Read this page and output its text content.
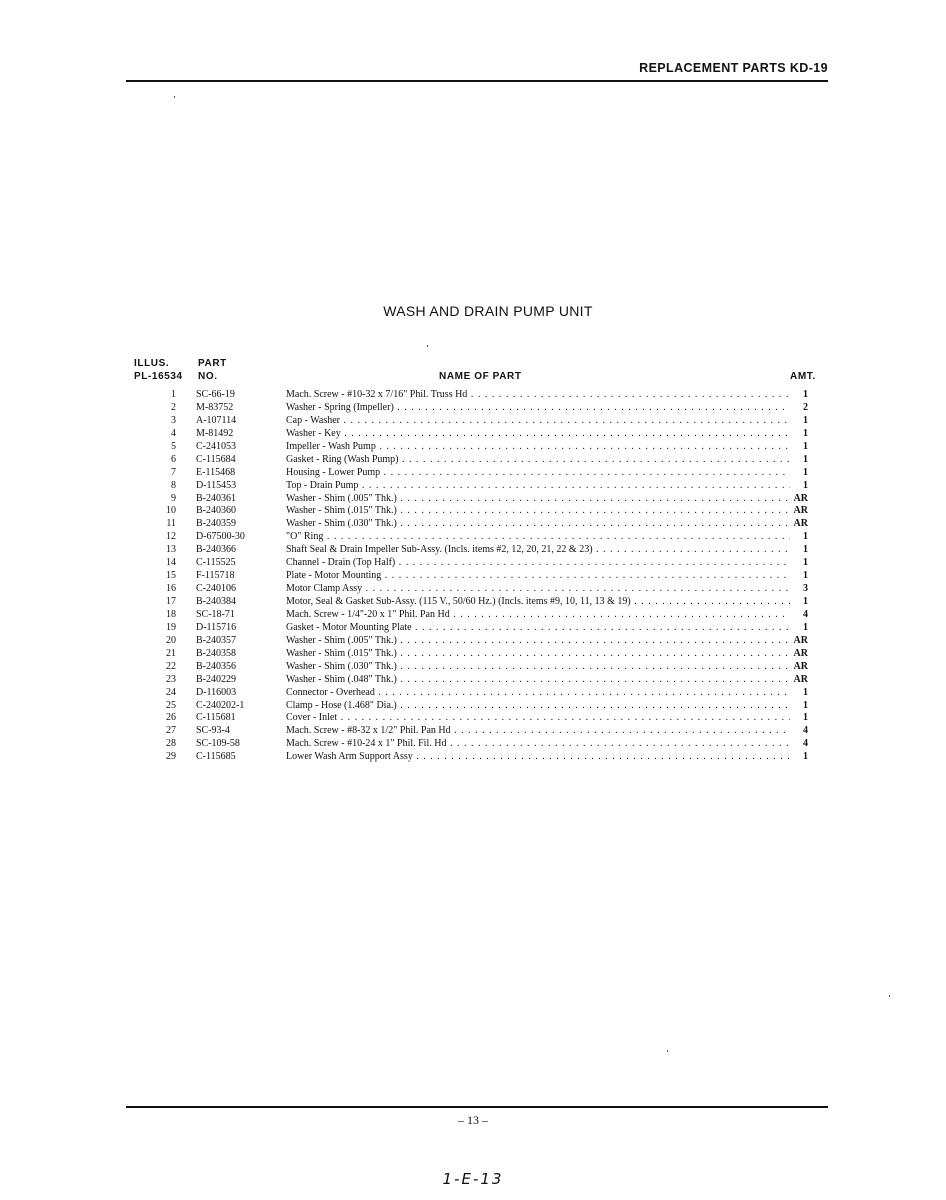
REPLACEMENT PARTS KD-19
WASH AND DRAIN PUMP UNIT
ILLUS.
PL-16534
PART
NO.	NAME OF PART	AMT.
1 SC-66-19	Mach. Screw - #10-32 x 7/16" Phil. Truss Hd . . .	1
2 M-83752	Washer - Spring (Impeller) . . .	2
3 A-107114	Cap - Washer . . .	1
4 M-81492	Washer - Key . . .	1
5 C-241053	Impeller - Wash Pump . . .	1
6 C-115684	Gasket - Ring (Wash Pump) . . .	1
7 E-115468	Housing - Lower Pump . . .	1
8 D-115453	Top - Drain Pump . . .	1
9 B-240361	Washer - Shim (.005" Thk.) . . .	AR
10 B-240360	Washer - Shim (.015" Thk.) . . .	AR
11 B-240359	Washer - Shim (.030" Thk.) . . .	AR
12 D-67500-30	"O" Ring . . .	1
13 B-240366	Shaft Seal & Drain Impeller Sub-Assy. (Incls. items #2, 12, 20, 21, 22 & 23) . . .	1
14 C-115525	Channel - Drain (Top Half) . . .	1
15 F-115718	Plate - Motor Mounting . . .	1
16 C-240106	Motor Clamp Assy . . .	3
17 B-240384	Motor, Seal & Gasket Sub-Assy. (115 V., 50/60 Hz.) (Incls. items #9, 10, 11, 13 & 19) . . .	1
18 SC-18-71	Mach. Screw - 1/4"-20 x 1" Phil. Pan Hd . . .	4
19 D-115716	Gasket - Motor Mounting Plate . . .	1
20 B-240357	Washer - Shim (.005" Thk.) . . .	AR
21 B-240358	Washer - Shim (.015" Thk.) . . .	AR
22 B-240356	Washer - Shim (.030" Thk.) . . .	AR
23 B-240229	Washer - Shim (.048" Thk.) . . .	AR
24 D-116003	Connector - Overhead . . .	1
25 C-240202-1	Clamp - Hose (1.468" Dia.) . . .	1
26 C-115681	Cover - Inlet . . .	1
27 SC-93-4	Mach. Screw - #8-32 x 1/2" Phil. Pan Hd . . .	4
28 SC-109-58	Mach. Screw - #10-24 x 1" Phil. Fil. Hd . . .	4
29 C-115685	Lower Wash Arm Support Assy . . .	1
– 13 –
1-E-13
